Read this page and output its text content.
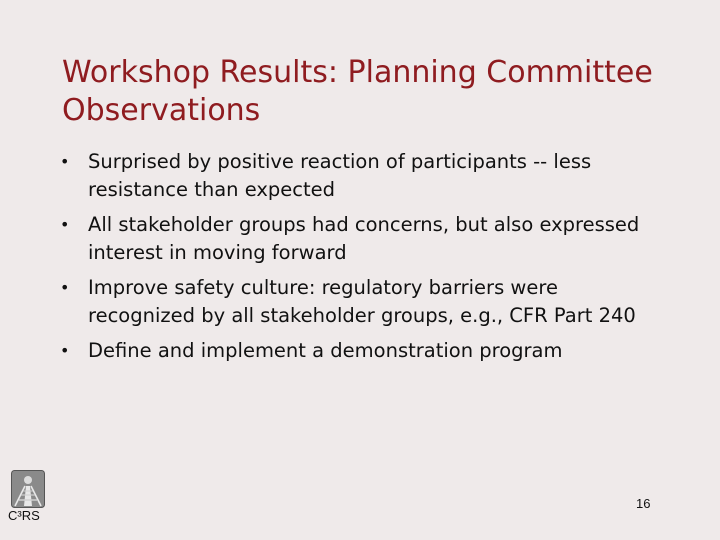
Workshop Results: Planning Committee
Observations
• Surprised by positive reaction of participants -- less resistance than expected
• All stakeholder groups had concerns, but also expressed interest in moving forward
• Improve safety culture: regulatory barriers were recognized by all stakeholder groups, e.g., CFR Part 240
• Define and implement a demonstration program
C³RS
16
